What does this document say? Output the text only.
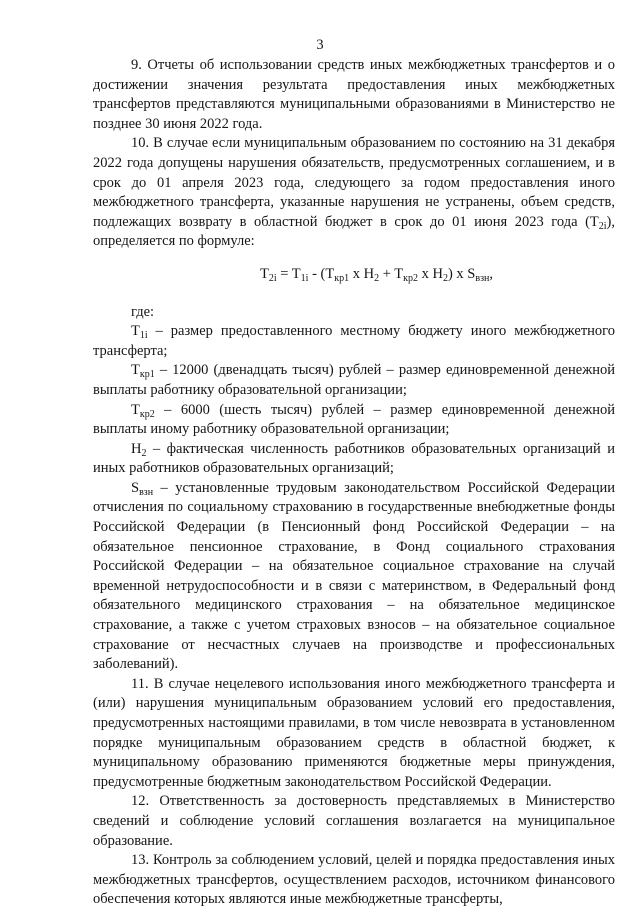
3

9. Отчеты об использовании средств иных межбюджетных трансфертов и о достижении значения результата предоставления иных межбюджетных трансфертов представляются муниципальными образованиями в Министерство не позднее 30 июня 2022 года.

10. В случае если муниципальным образованием по состоянию на 31 декабря 2022 года допущены нарушения обязательств, предусмотренных соглашением, и в срок до 01 апреля 2023 года, следующего за годом предоставления иного межбюджетного трансферта, указанные нарушения не устранены, объем средств, подлежащих возврату в областной бюджет в срок до 01 июня 2023 года $(T_{2i})$, определяется по формуле:

$T_{2i} = T_{1i} - (T_{кр1}$ x $H_2 + T_{кр2}$ x $H_2$) x $S_{взн}$,

где:

$T_{1i}$ – размер предоставленного местному бюджету иного межбюджетного трансферта;

$T_{кр1} - 12000$ (двенадцать тысяч) рублей – размер единовременной денежной выплаты работнику образовательной организации;

$T_{кр2} - 6000$ (шесть тысяч) рублей – размер единовременной денежной выплаты иному работнику образовательной организации;

$H_2$ – фактическая численность работников образовательных организаций и иных работников образовательных организаций;

$S_{взн}$ – установленные трудовым законодательством Российской Федерации отчисления по социальному страхованию в государственные внебюджетные фонды Российской Федерации (в Пенсионный фонд Российской Федерации – на обязательное пенсионное страхование, в Фонд социального страхования Российской Федерации – на обязательное социальное страхование на случай временной нетрудоспособности и в связи с материнством, в Федеральный фонд обязательного медицинского страхования – на обязательное медицинское страхование, а также с учетом страховых взносов – на обязательное социальное страхование от несчастных случаев на производстве и профессиональных заболеваний).

11. В случае нецелевого использования иного межбюджетного трансферта и (или) нарушения муниципальным образованием условий его предоставления, предусмотренных настоящими правилами, в том числе невозврата в установленном порядке муниципальным образованием средств в областной бюджет, к муниципальному образованию применяются бюджетные меры принуждения, предусмотренные бюджетным законодательством Российской Федерации.

12. Ответственность за достоверность представляемых в Министерство сведений и соблюдение условий соглашения возлагается на муниципальное образование.

13. Контроль за соблюдением условий, целей и порядка предоставления иных межбюджетных трансфертов, осуществлением расходов, источником финансового обеспечения которых являются иные межбюджетные трансферты,
